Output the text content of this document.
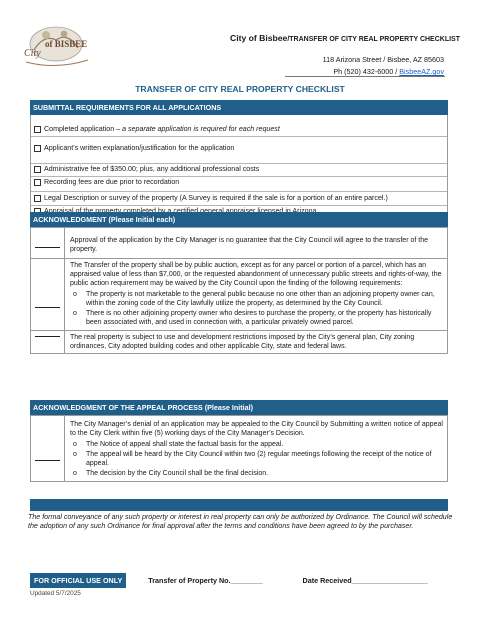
City
of BISBEE
City of Bisbee/TRANSFER OF CITY REAL PROPERTY CHECKLIST
118 Arizona Street / Bisbee, AZ 85603
Ph (520) 432-6000 / BisbeeAZ.gov
TRANSFER OF CITY REAL PROPERTY CHECKLIST
SUBMITTAL REQUIREMENTS FOR ALL APPLICATIONS
Completed application – a separate application is required for each request
Applicant’s written explanation/justification for the application
Administrative fee of $350.00; plus, any additional professional costs
Recording fees are due prior to recordation
Legal Description or survey of the property (A Survey is required if the sale is for a portion of an entire parcel.)
ACKNOWLEDGMENT (Please Initial each)

Approval of the application by the City Manager is no guarantee that the City Council will agree to the transfer of the property.

The Transfer of the property shall be by public auction, except as for any parcel or portion of a parcel, which has an appraised value of less than $7,000, or the requested abandonment of unnecessary public streets and rights-of-way, the public action requirement may be waived by the City Council upon the finding of the following requirements:

o	The property is not marketable to the general public because no one other than an adjoining property owner can, within the zoning code of the City lawfully utilize the property, as determined by the City Council.
o	There is no other adjoining property owner who desires to purchase the property, or the property has historically been associated with, and used in connection with, a particular privately owned parcel.

The real property is subject to use and development restrictions imposed by the City’s general plan, City zoning ordinances, City adopted building codes and other applicable City, state and federal laws.

ACKNOWLEDGMENT OF THE APPEAL PROCESS (Please Initial)

The City Manager’s denial of an application may be appealed to the City Council by Submitting a written notice of appeal to the City Clerk within five (5) working days of the City Manager’s Decision.

o	The Notice of appeal shall state the factual basis for the appeal.
o	The appeal will be heard by the City Council within two (2) regular meetings following the receipt of the notice of appeal.
o	The decision by the City Council shall be the final decision.
The formal conveyance of any such property or interest in real property can only be authorized by Ordinance. The Council will schedule the adoption of any such Ordinance for final approval after the terms and conditions have been agreed to by the purchaser.
FOR OFFICIAL USE ONLY	Transfer of Property No.________	Date Received___________________
Updated 5/7/2025
